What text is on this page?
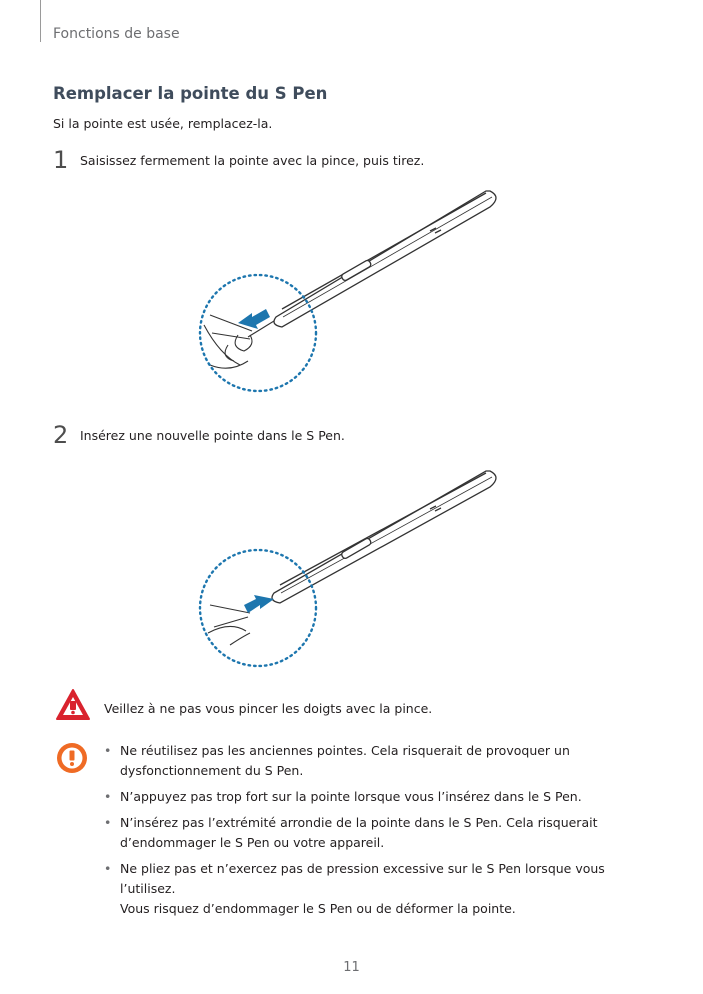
Fonctions de base
Remplacer la pointe du S Pen
Si la pointe est usée, remplacez-la.
1 Saisissez fermement la pointe avec la pince, puis tirez.
2 Insérez une nouvelle pointe dans le S Pen.
Veillez à ne pas vous pincer les doigts avec la pince.
• Ne réutilisez pas les anciennes pointes. Cela risquerait de provoquer un
dysfonctionnement du S Pen.
• N’appuyez pas trop fort sur la pointe lorsque vous l’insérez dans le S Pen.
• N’insérez pas l’extrémité arrondie de la pointe dans le S Pen. Cela risquerait
d’endommager le S Pen ou votre appareil.
• Ne pliez pas et n’exercez pas de pression excessive sur le S Pen lorsque vous l’utilisez.
Vous risquez d’endommager le S Pen ou de déformer la pointe.
11
